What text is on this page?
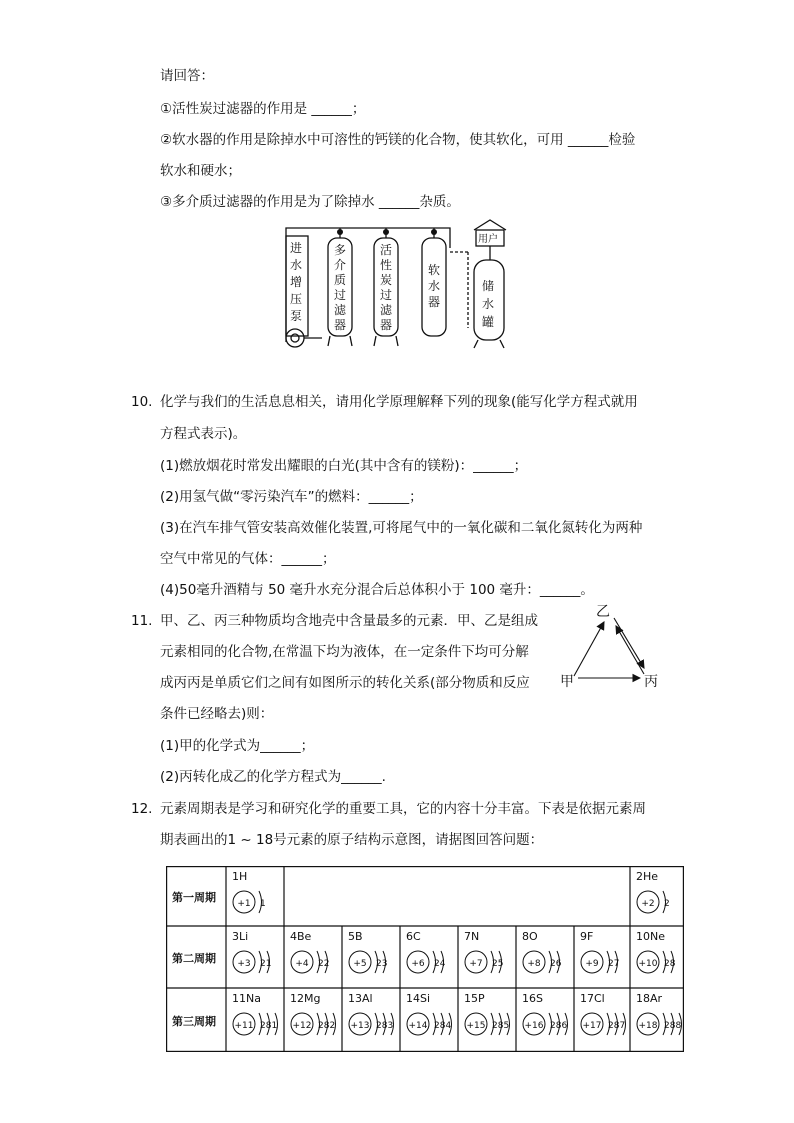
请回答：
①活性炭过滤器的作用是 ______；
②软水器的作用是除掉水中可溶性的钙镁的化合物，使其软化，可用 ______检验
软水和硬水；
③多介质过滤器的作用是为了除掉水 ______杂质。
进水增压泵
多介质过滤器
活性炭过滤器
软水器
储水罐
用户
10. 化学与我们的生活息息相关，请用化学原理解释下列的现象(能写化学方程式就用
方程式表示)。
(1)燃放烟花时常发出耀眼的白光(其中含有的镁粉)：______；
(2)用氢气做“零污染汽车”的燃料：______；
(3)在汽车排气管安装高效催化装置,可将尾气中的一氧化碳和二氧化氮转化为两种
空气中常见的气体：______；
(4)50毫升酒精与 50 毫升水充分混合后总体积小于 100 毫升：______。
11. 甲、乙、丙三种物质均含地壳中含量最多的元素．甲、乙是组成
元素相同的化合物,在常温下均为液体，在一定条件下均可分解
成丙丙是单质它们之间有如图所示的转化关系(部分物质和反应
条件已经略去)则：
(1)甲的化学式为______；
(2)丙转化成乙的化学方程式为______.
乙
甲	丙
12. 元素周期表是学习和研究化学的重要工具，它的内容十分丰富。下表是依据元素周
期表画出的1 ~ 18号元素的原子结构示意图，请据图回答问题：
第一周期
第二周期
第三周期
1H
+1 1
2He
+2 2
3Li
+3 21
4Be
+4 22
5B
+5 23
6C
+6 24
7N
+7 25
8O
+8 26
9F
+9 27
10Ne
+10 28
11Na
+11 281
12Mg
+12 282
13Al
+13 283
14Si
+14 284
15P
+15 285
16S
+16 286
17Cl
+17 287
18Ar
+18 288
